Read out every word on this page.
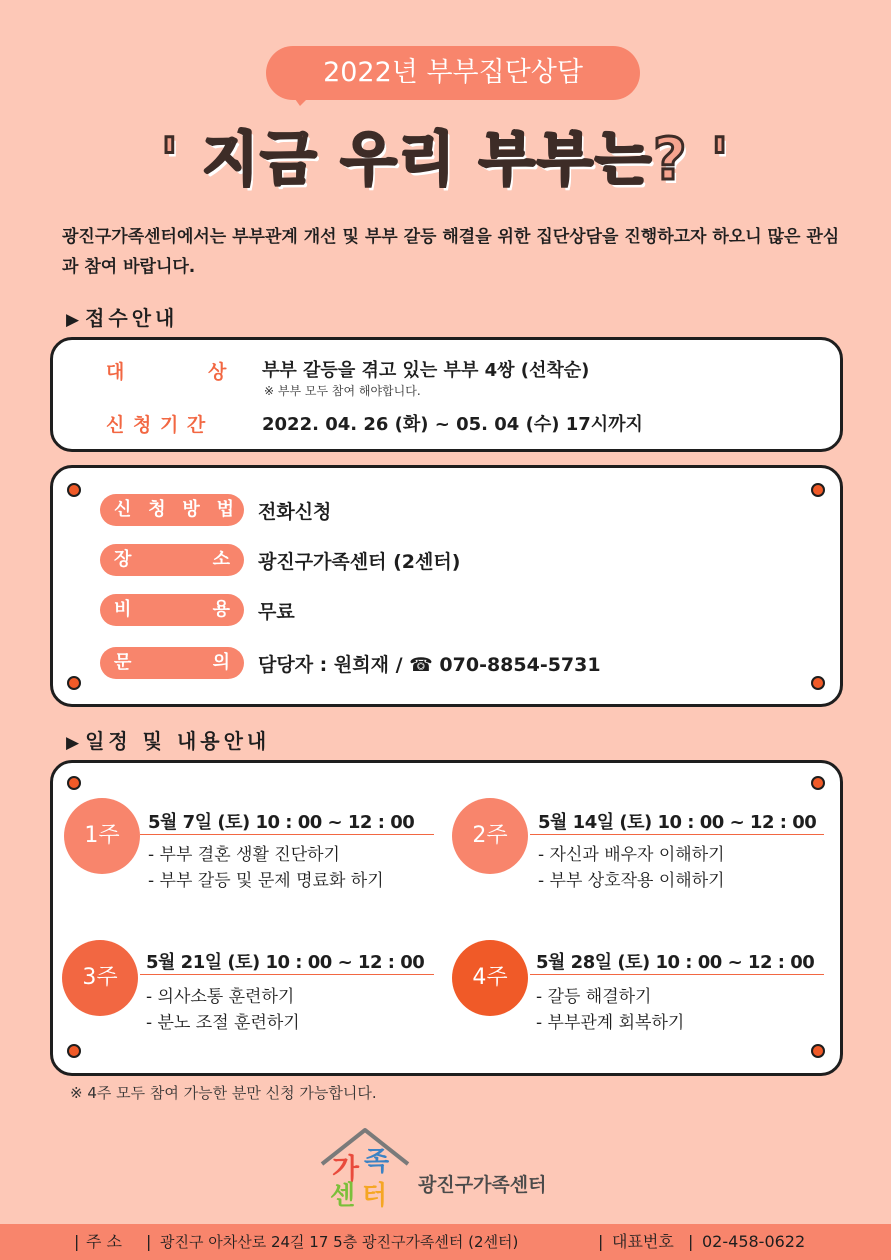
2022년 부부집단상담
' 지금 우리 부부는? '
광진구가족센터에서는 부부관계 개선 및 부부 갈등 해결을 위한 집단상담을 진행하고자 하오니 많은 관심과 참여 바랍니다.
▶ 접수안내
대	상 부부 갈등을 겪고 있는 부부 4쌍 (선착순)
※ 부부 모두 참여 해야합니다.
신 청 기 간	2022. 04. 26 (화) ~ 05. 04 (수) 17시까지
신 청 방 법 전화신청
장	소 광진구가족센터 (2센터)
비	용 무료
문	의 담당자 : 원희재 / ☎ 070-8854-5731
▶ 일정 및 내용안내
1주
5월 7일 (토) 10 : 00 ~ 12 : 00
- 부부 결혼 생활 진단하기
- 부부 갈등 및 문제 명료화 하기
2주
5월 14일 (토) 10 : 00 ~ 12 : 00
- 자신과 배우자 이해하기
- 부부 상호작용 이해하기
3주
5월 21일 (토) 10 : 00 ~ 12 : 00
- 의사소통 훈련하기
- 분노 조절 훈련하기
4주
5월 28일 (토) 10 : 00 ~ 12 : 00
- 갈등 해결하기
- 부부관계 회복하기
※ 4주 모두 참여 가능한 분만 신청 가능합니다.
가 족
센 터 광진구가족센터
| 주 소 | 광진구 아차산로 24길 17 5층 광진구가족센터 (2센터)	| 대표번호 | 02-458-0622
